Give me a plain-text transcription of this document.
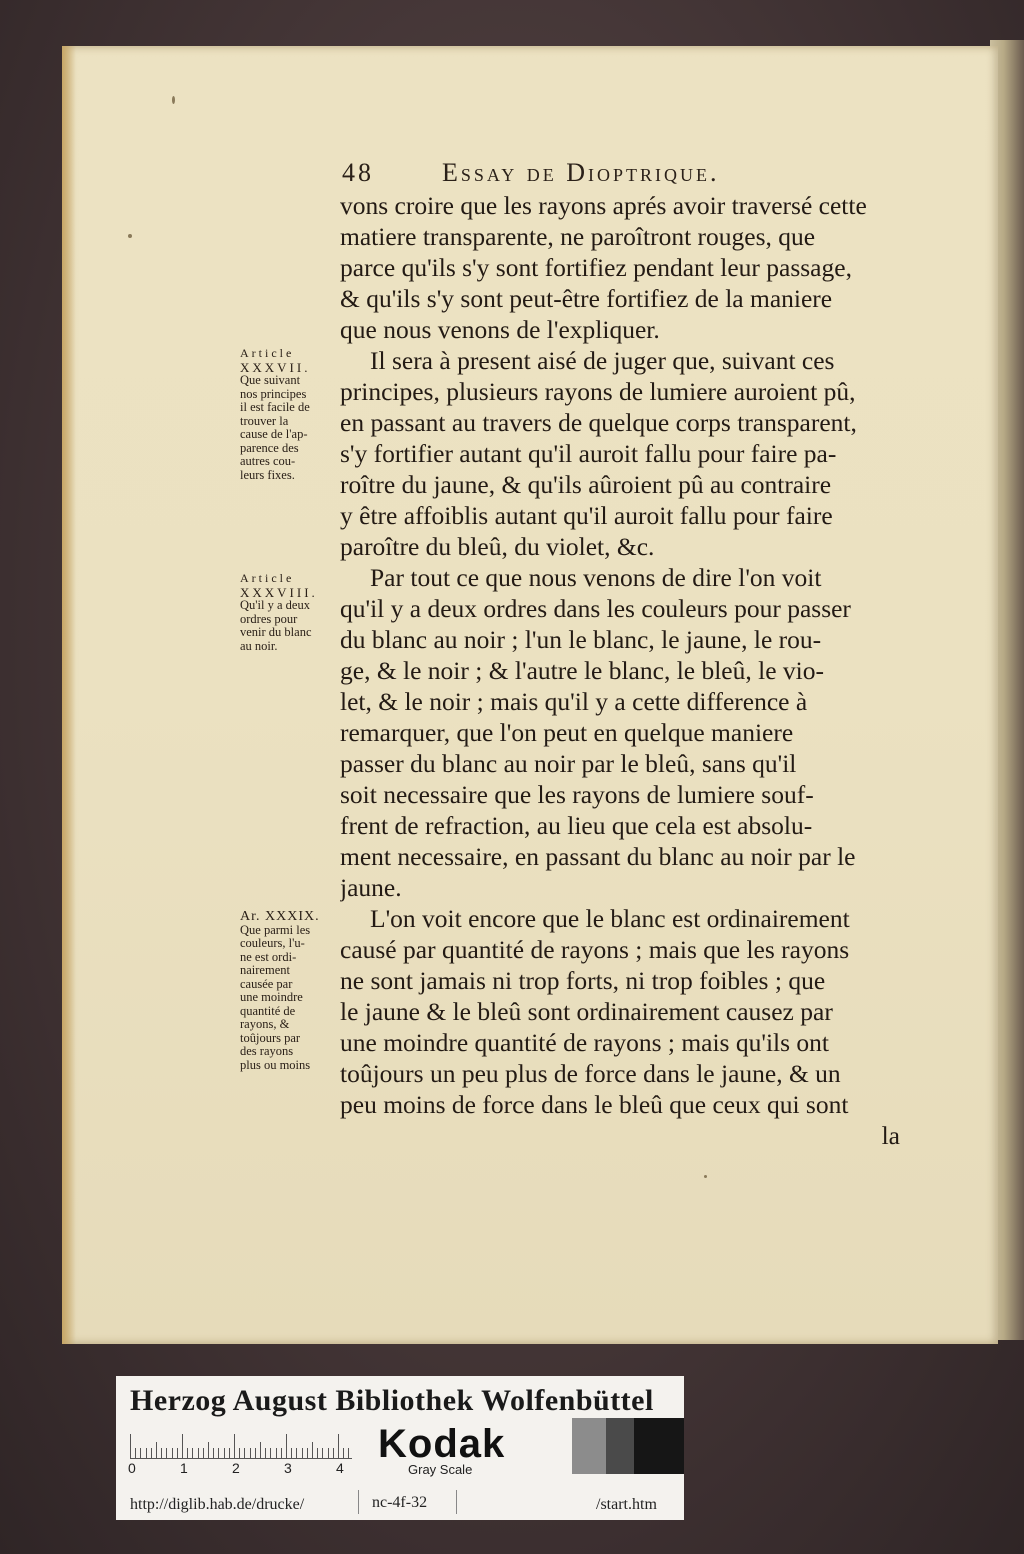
48	Essay de Dioptrique.
vons croire que les rayons aprés avoir traversé cette
matiere transparente, ne paroîtront rouges, que
parce qu'ils s'y sont fortifiez pendant leur passage,
& qu'ils s'y sont peut-être fortifiez de la maniere
que nous venons de l'expliquer.
Il sera à present aisé de juger que, suivant ces
principes, plusieurs rayons de lumiere auroient pû,
en passant au travers de quelque corps transparent,
s'y fortifier autant qu'il auroit fallu pour faire pa-
roître du jaune, & qu'ils aûroient pû au contraire
y être affoiblis autant qu'il auroit fallu pour faire
paroître du bleû, du violet, &c.
Par tout ce que nous venons de dire l'on voit
qu'il y a deux ordres dans les couleurs pour passer
du blanc au noir ; l'un le blanc, le jaune, le rou-
ge, & le noir ; & l'autre le blanc, le bleû, le vio-
let, & le noir ; mais qu'il y a cette difference à
remarquer, que l'on peut en quelque maniere
passer du blanc au noir par le bleû, sans qu'il
soit necessaire que les rayons de lumiere souf-
frent de refraction, au lieu que cela est absolu-
ment necessaire, en passant du blanc au noir par le
jaune.
L'on voit encore que le blanc est ordinairement
causé par quantité de rayons ; mais que les rayons
ne sont jamais ni trop forts, ni trop foibles ; que
le jaune & le bleû sont ordinairement causez par
une moindre quantité de rayons ; mais qu'ils ont
toûjours un peu plus de force dans le jaune, & un
peu moins de force dans le bleû que ceux qui sont
la
Article
XXXVII.
Que suivant
nos principes
il est facile de
trouver la
cause de l'ap-
parence des
autres cou-
leurs fixes.
Article
XXXVIII.
Qu'il y a deux
ordres pour
venir du blanc
au noir.
Ar. XXXIX.
Que parmi les
couleurs, l'u-
ne est ordi-
nairement
causée par
une moindre
quantité de
rayons, &
toûjours par
des rayons
plus ou moins
Herzog August Bibliothek Wolfenbüttel
0	1	2	3	4
Kodak
Gray Scale
http://diglib.hab.de/drucke/	nc-4f-32	/start.htm
